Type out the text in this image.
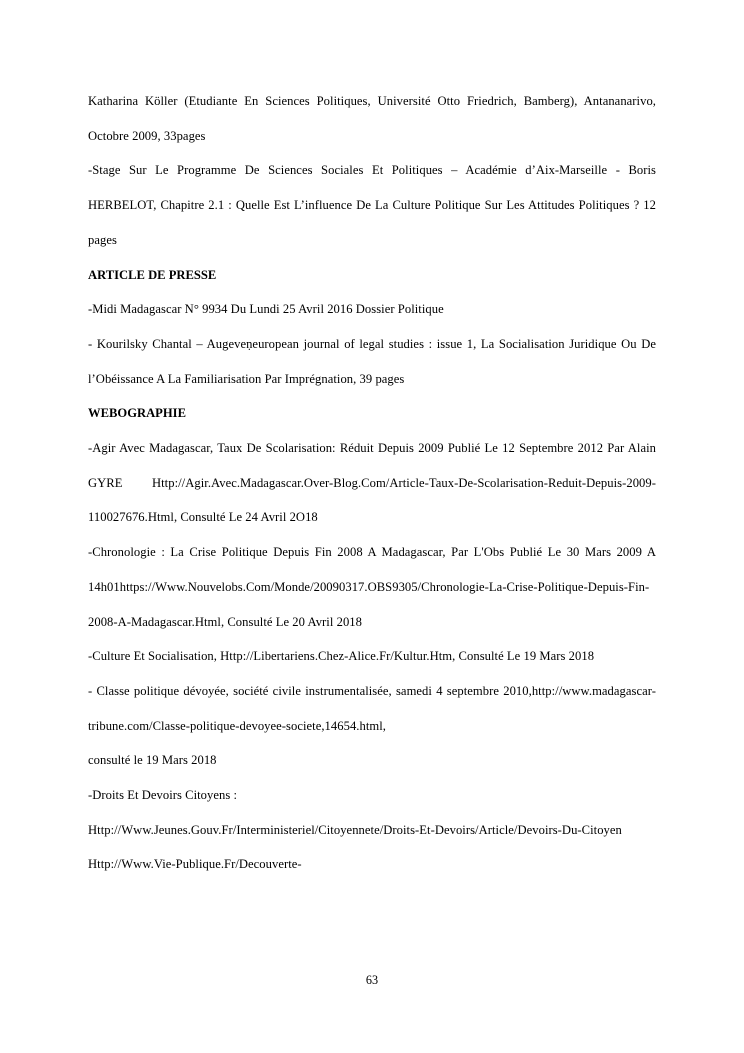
Katharina Köller (Etudiante En Sciences Politiques, Université Otto Friedrich, Bamberg), Antananarivo, Octobre 2009, 33pages

-Stage Sur Le Programme De Sciences Sociales Et Politiques – Académie d’Aix-Marseille - Boris HERBELOT, Chapitre 2.1 : Quelle Est L’influence De La Culture Politique Sur Les Attitudes Politiques ? 12 pages

ARTICLE DE PRESSE

-Midi Madagascar N° 9934 Du Lundi 25 Avril 2016 Dossier Politique

- Kourilsky Chantal – Augeveṇeuropean journal of legal studies : issue 1, La Socialisation Juridique Ou De l’Obéissance A La Familiarisation Par Imprégnation, 39 pages

WEBOGRAPHIE

-Agir Avec Madagascar, Taux De Scolarisation: Réduit Depuis 2009 Publié Le 12 Septembre 2012 Par Alain GYRE Http://Agir.Avec.Madagascar.Over-Blog.Com/Article-Taux-De-Scolarisation-Reduit-Depuis-2009-110027676.Html, Consulté Le 24 Avril 2O18

-Chronologie : La Crise Politique Depuis Fin 2008 A Madagascar, Par L'Obs Publié Le 30 Mars 2009 A 14h01https://Www.Nouvelobs.Com/Monde/20090317.OBS9305/Chronologie-La-Crise-Politique-Depuis-Fin-2008-A-Madagascar.Html, Consulté Le 20 Avril 2018

-Culture Et Socialisation, Http://Libertariens.Chez-Alice.Fr/Kultur.Htm, Consulté Le 19 Mars 2018

- Classe politique dévoyée, société civile instrumentalisée, samedi 4 septembre 2010,http://www.madagascar-tribune.com/Classe-politique-devoyee-societe,14654.html,

consulté le 19 Mars 2018

-Droits Et Devoirs Citoyens :

Http://Www.Jeunes.Gouv.Fr/Interministeriel/Citoyennete/Droits-Et-Devoirs/Article/Devoirs-Du-Citoyen Http://Www.Vie-Publique.Fr/Decouverte-

63
